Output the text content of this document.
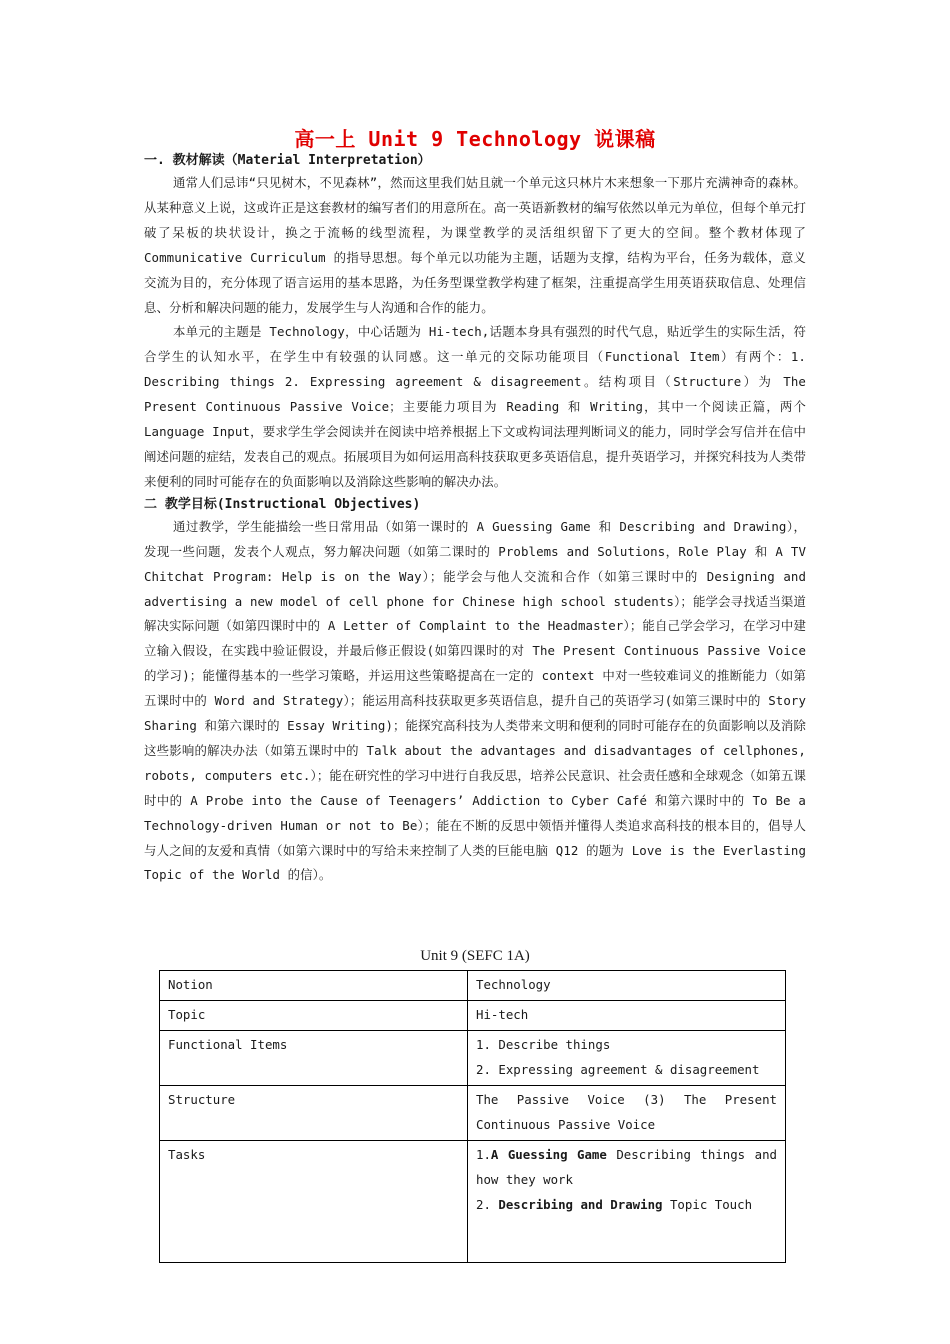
高一上 Unit 9 Technology 说课稿

一. 教材解读（Material Interpretation）

通常人们忌讳“只见树木，不见森林”，然而这里我们姑且就一个单元这只林片木来想象一下那片充满神奇的森林。从某种意义上说，这或许正是这套教材的编写者们的用意所在。高一英语新教材的编写依然以单元为单位，但每个单元打破了呆板的块状设计，换之于流畅的线型流程，为课堂教学的灵活组织留下了更大的空间。整个教材体现了 Communicative Curriculum 的指导思想。每个单元以功能为主题，话题为支撑，结构为平台，任务为载体，意义交流为目的，充分体现了语言运用的基本思路，为任务型课堂教学构建了框架，注重提高学生用英语获取信息、处理信息、分析和解决问题的能力，发展学生与人沟通和合作的能力。

本单元的主题是 Technology，中心话题为 Hi-tech,话题本身具有强烈的时代气息，贴近学生的实际生活，符合学生的认知水平，在学生中有较强的认同感。这一单元的交际功能项目（Functional Item）有两个：1. Describing things 2. Expressing agreement & disagreement。结构项目（Structure）为 The Present Continuous Passive Voice；主要能力项目为 Reading 和 Writing，其中一个阅读正篇，两个 Language Input，要求学生学会阅读并在阅读中培养根据上下文或构词法理判断词义的能力，同时学会写信并在信中阐述问题的症结，发表自己的观点。拓展项目为如何运用高科技获取更多英语信息，提升英语学习，并探究科技为人类带来便利的同时可能存在的负面影响以及消除这些影响的解决办法。

二 教学目标(Instructional Objectives)

通过教学，学生能描绘一些日常用品（如第一课时的 A Guessing Game 和 Describing and Drawing），发现一些问题，发表个人观点，努力解决问题（如第二课时的 Problems and Solutions，Role Play 和 A TV Chitchat Program: Help is on the Way）；能学会与他人交流和合作（如第三课时中的 Designing and advertising a new model of cell phone for Chinese high school students）；能学会寻找适当渠道解决实际问题（如第四课时中的 A Letter of Complaint to the Headmaster）；能自己学会学习，在学习中建立输入假设，在实践中验证假设，并最后修正假设(如第四课时的对 The Present Continuous Passive Voice 的学习)；能懂得基本的一些学习策略，并运用这些策略提高在一定的 context 中对一些较难词义的推断能力（如第五课时中的 Word and Strategy）；能运用高科技获取更多英语信息，提升自己的英语学习(如第三课时中的 Story Sharing 和第六课时的 Essay Writing)；能探究高科技为人类带来文明和便利的同时可能存在的负面影响以及消除这些影响的解决办法（如第五课时中的 Talk about the advantages and disadvantages of cellphones, robots, computers etc.）；能在研究性的学习中进行自我反思，培养公民意识、社会责任感和全球观念（如第五课时中的 A Probe into the Cause of Teenagers’ Addiction to Cyber Café 和第六课时中的 To Be a Technology-driven Human or not to Be）；能在不断的反思中领悟并懂得人类追求高科技的根本目的，倡导人与人之间的友爱和真情（如第六课时中的写给未来控制了人类的巨能电脑 Q12 的题为 Love is the Everlasting Topic of the World 的信）。

Unit 9 (SEFC 1A)
Notion	Technology
Topic	Hi-tech
Functional Items	1. Describe things
2. Expressing agreement & disagreement

Structure	The Passive Voice (3) The Present Continuous Passive Voice
Tasks	1.A Guessing Game Describing things and how they work
2. Describing and Drawing Topic Touch
